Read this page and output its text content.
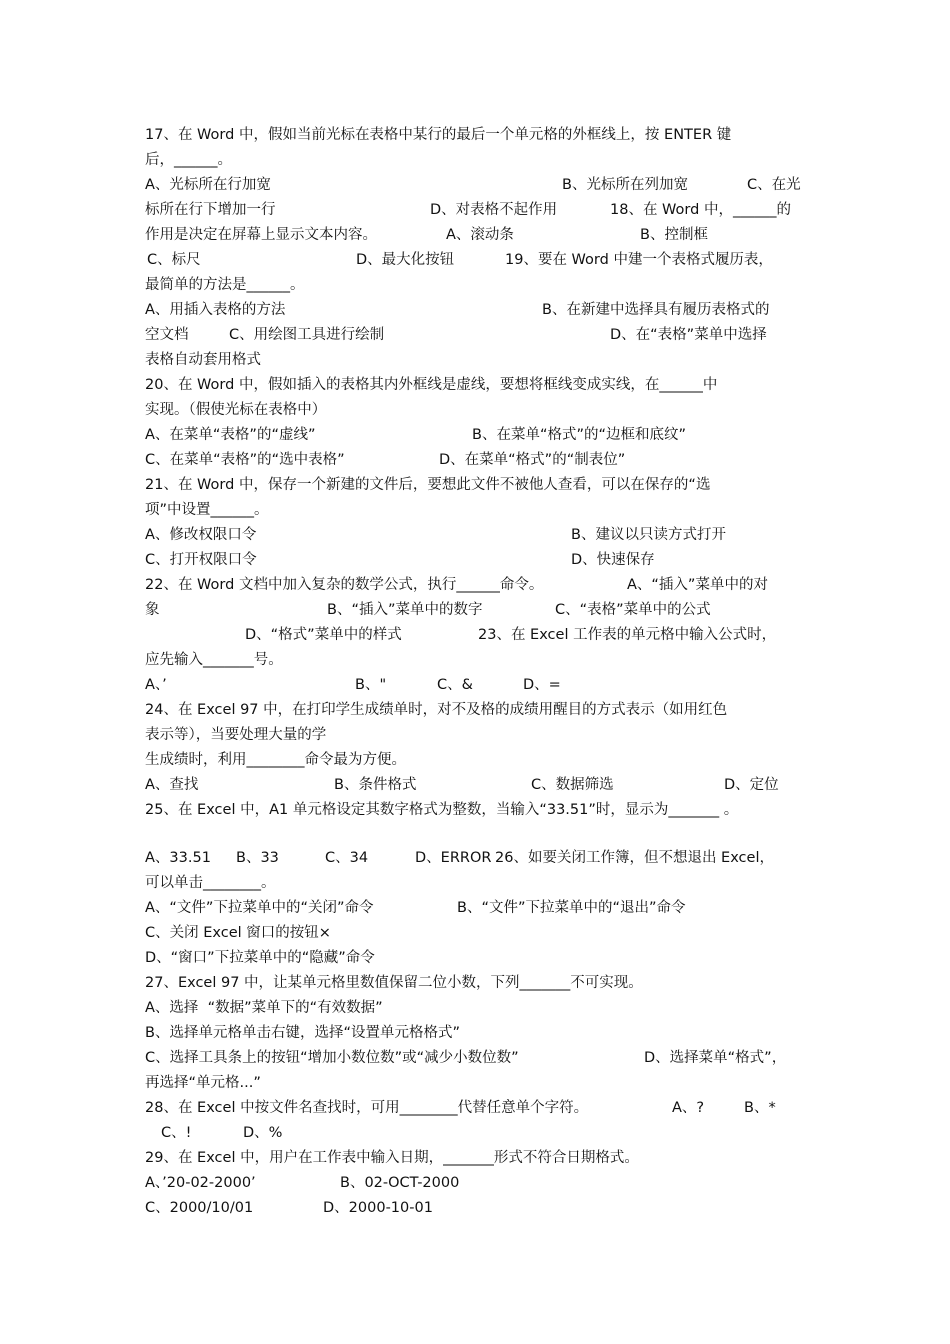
17、在 Word 中，假如当前光标在表格中某行的最后一个单元格的外框线上，按 ENTER 键
后，______。
A、光标所在行加宽	B、光标所在列加宽	C、在光
标所在行下增加一行	D、对表格不起作用	18、在 Word 中，______的
作用是决定在屏幕上显示文本内容。	A、滚动条	B、控制框
C、标尺	D、最大化按钮	19、要在 Word 中建一个表格式履历表，
最简单的方法是______。
A、用插入表格的方法	B、在新建中选择具有履历表格式的
空文档	C、用绘图工具进行绘制	D、在“表格”菜单中选择
表格自动套用格式
20、在 Word 中，假如插入的表格其内外框线是虚线，要想将框线变成实线，在______中
实现。（假使光标在表格中）
A、在菜单“表格”的“虚线”	B、在菜单“格式”的“边框和底纹”
C、在菜单“表格”的“选中表格”	D、在菜单“格式”的“制表位”
21、在 Word 中，保存一个新建的文件后，要想此文件不被他人查看，可以在保存的“选
项”中设置______。
A、修改权限口令	B、建议以只读方式打开
C、打开权限口令	D、快速保存
22、在 Word 文档中加入复杂的数学公式，执行______命令。	A、“插入”菜单中的对
象	B、“插入”菜单中的数字	C、“表格”菜单中的公式
D、“格式”菜单中的样式	23、在 Excel 工作表的单元格中输入公式时，
应先输入_______号。
A、’	B、"	C、&	D、=
24、在 Excel 97 中，在打印学生成绩单时，对不及格的成绩用醒目的方式表示（如用红色
表示等），当要处理大量的学
生成绩时，利用________命令最为方便。
A、查找	B、条件格式	C、数据筛选	D、定位
25、在 Excel 中，A1 单元格设定其数字格式为整数，当输入“33.51”时，显示为_______ 。
A、33.51 B、33	C、34	D、ERROR 26、如要关闭工作簿，但不想退出 Excel，
可以单击________。
A、“文件”下拉菜单中的“关闭”命令	B、“文件”下拉菜单中的“退出”命令
C、关闭 Excel 窗口的按钮×
D、“窗口”下拉菜单中的“隐藏”命令
27、Excel 97 中，让某单元格里数值保留二位小数，下列_______不可实现。
A、选择  “数据”菜单下的“有效数据”
B、选择单元格单击右键，选择“设置单元格格式”
C、选择工具条上的按钮“增加小数位数”或“减少小数位数”	D、选择菜单“格式”，
再选择“单元格...”
28、在 Excel 中按文件名查找时，可用________代替任意单个字符。	A、?	B、*
C、!	D、%
29、在 Excel 中，用户在工作表中输入日期，_______形式不符合日期格式。
A、’20-02-2000’	B、02-OCT-2000
C、2000/10/01	D、2000-10-01
